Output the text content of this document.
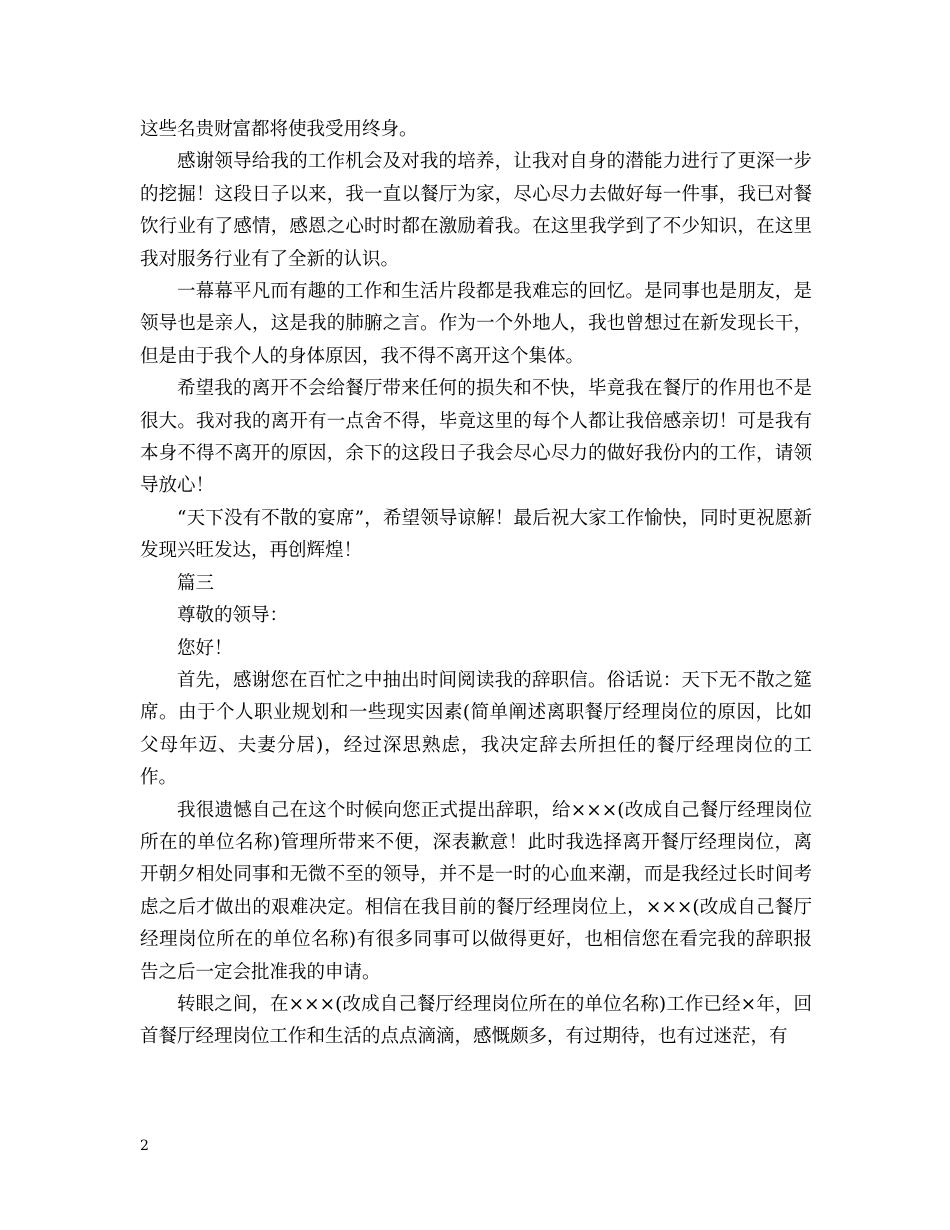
这些名贵财富都将使我受用终身。

感谢领导给我的工作机会及对我的培养，让我对自身的潜能力进行了更深一步的挖掘！这段日子以来，我一直以餐厅为家，尽心尽力去做好每一件事，我已对餐饮行业有了感情，感恩之心时时都在激励着我。在这里我学到了不少知识，在这里我对服务行业有了全新的认识。

一幕幕平凡而有趣的工作和生活片段都是我难忘的回忆。是同事也是朋友，是领导也是亲人，这是我的肺腑之言。作为一个外地人，我也曾想过在新发现长干，但是由于我个人的身体原因，我不得不离开这个集体。

希望我的离开不会给餐厅带来任何的损失和不快，毕竟我在餐厅的作用也不是很大。我对我的离开有一点舍不得，毕竟这里的每个人都让我倍感亲切！可是我有本身不得不离开的原因，余下的这段日子我会尽心尽力的做好我份内的工作，请领导放心！

“天下没有不散的宴席”，希望领导谅解！最后祝大家工作愉快，同时更祝愿新发现兴旺发达，再创辉煌！

篇三

尊敬的领导：

您好！

首先，感谢您在百忙之中抽出时间阅读我的辞职信。俗话说：天下无不散之筵席。由于个人职业规划和一些现实因素(简单阐述离职餐厅经理岗位的原因，比如父母年迈、夫妻分居)，经过深思熟虑，我决定辞去所担任的餐厅经理岗位的工作。

我很遗憾自己在这个时候向您正式提出辞职，给×××(改成自己餐厅经理岗位所在的单位名称)管理所带来不便，深表歉意！此时我选择离开餐厅经理岗位，离开朝夕相处同事和无微不至的领导，并不是一时的心血来潮，而是我经过长时间考虑之后才做出的艰难决定。相信在我目前的餐厅经理岗位上，×××(改成自己餐厅经理岗位所在的单位名称)有很多同事可以做得更好，也相信您在看完我的辞职报告之后一定会批准我的申请。

转眼之间，在×××(改成自己餐厅经理岗位所在的单位名称)工作已经×年，回首餐厅经理岗位工作和生活的点点滴滴，感慨颇多，有过期待，也有过迷茫，有

2
